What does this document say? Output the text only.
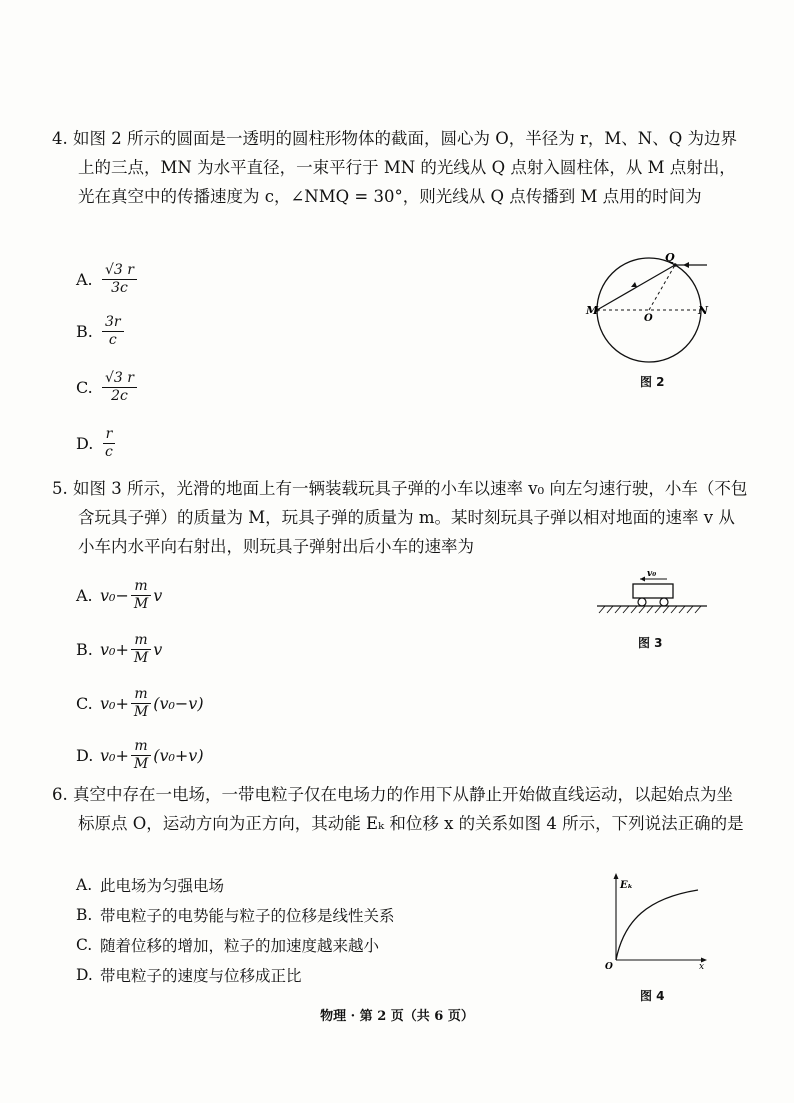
4. 如图 2 所示的圆面是一透明的圆柱形物体的截面，圆心为 O，半径为 r，M、N、Q 为边界上的三点，MN 为水平直径，一束平行于 MN 的光线从 Q 点射入圆柱体，从 M 点射出，光在真空中的传播速度为 c，∠NMQ = 30°，则光线从 Q 点传播到 M 点用的时间为
A. $\frac{√3 r}{3c}$
B. $\frac{3r}{c}$
C. $\frac{√3 r}{2c}$
D. $\frac{r}{c}$
Q
M	N
O
图 2
5. 如图 3 所示，光滑的地面上有一辆装载玩具子弹的小车以速率 v₀ 向左匀速行驶，小车（不包含玩具子弹）的质量为 M，玩具子弹的质量为 m。某时刻玩具子弹以相对地面的速率 v 从小车内水平向右射出，则玩具子弹射出后小车的速率为
A. $v_0- \frac{m}{M}$ v
B. $v_0+ \frac{m}{M}$ v
C. $v_0+ \frac{m}{M} (v_0-v)$
D. $v_0+ \frac{m}{M} (v_0+v)$
v₀
图 3
6. 真空中存在一电场，一带电粒子仅在电场力的作用下从静止开始做直线运动，以起始点为坐标原点 O，运动方向为正方向，其动能 Eₖ 和位移 x 的关系如图 4 所示，下列说法正确的是
A. 此电场为匀强电场
B. 带电粒子的电势能与粒子的位移是线性关系
C. 随着位移的增加，粒子的加速度越来越小
D. 带电粒子的速度与位移成正比
Eₖ
x
O
图 4
物理 · 第 2 页（共 6 页）
